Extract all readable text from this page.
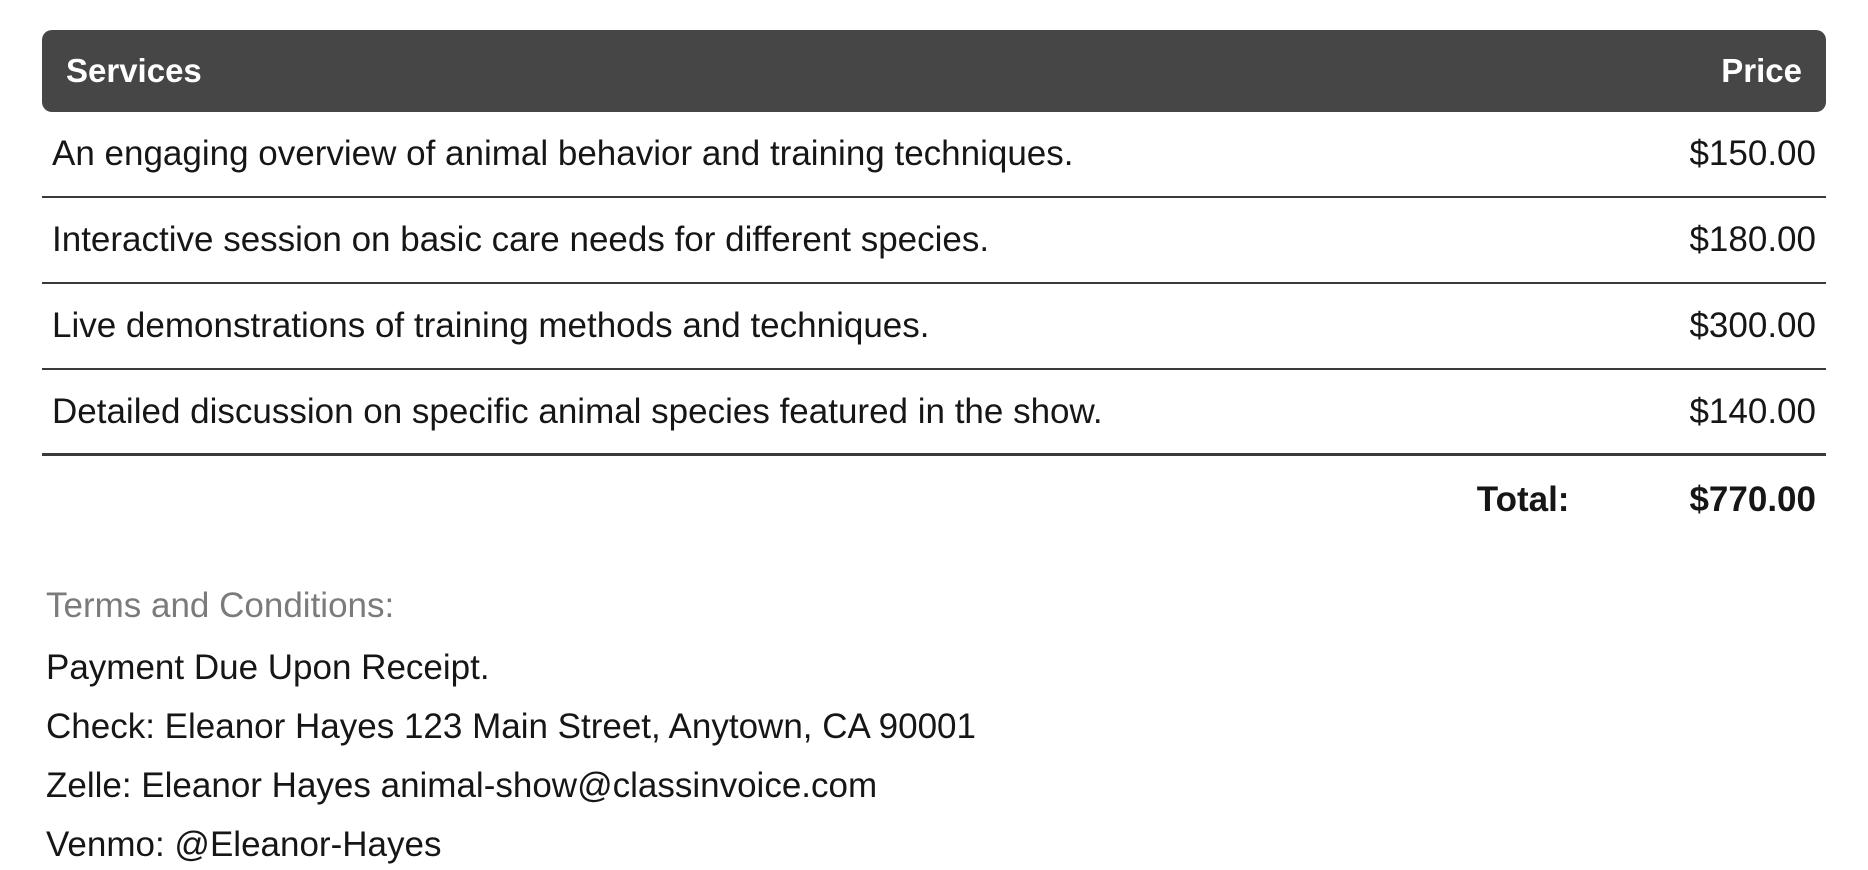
Services	Price
An engaging overview of animal behavior and training techniques.	$150.00
Interactive session on basic care needs for different species.	$180.00
Live demonstrations of training methods and techniques.	$300.00
Detailed discussion on specific animal species featured in the show.	$140.00
Total:	$770.00
Terms and Conditions:
Payment Due Upon Receipt.
Check: Eleanor Hayes 123 Main Street, Anytown, CA 90001
Zelle: Eleanor Hayes animal-show@classinvoice.com
Venmo: @Eleanor-Hayes
